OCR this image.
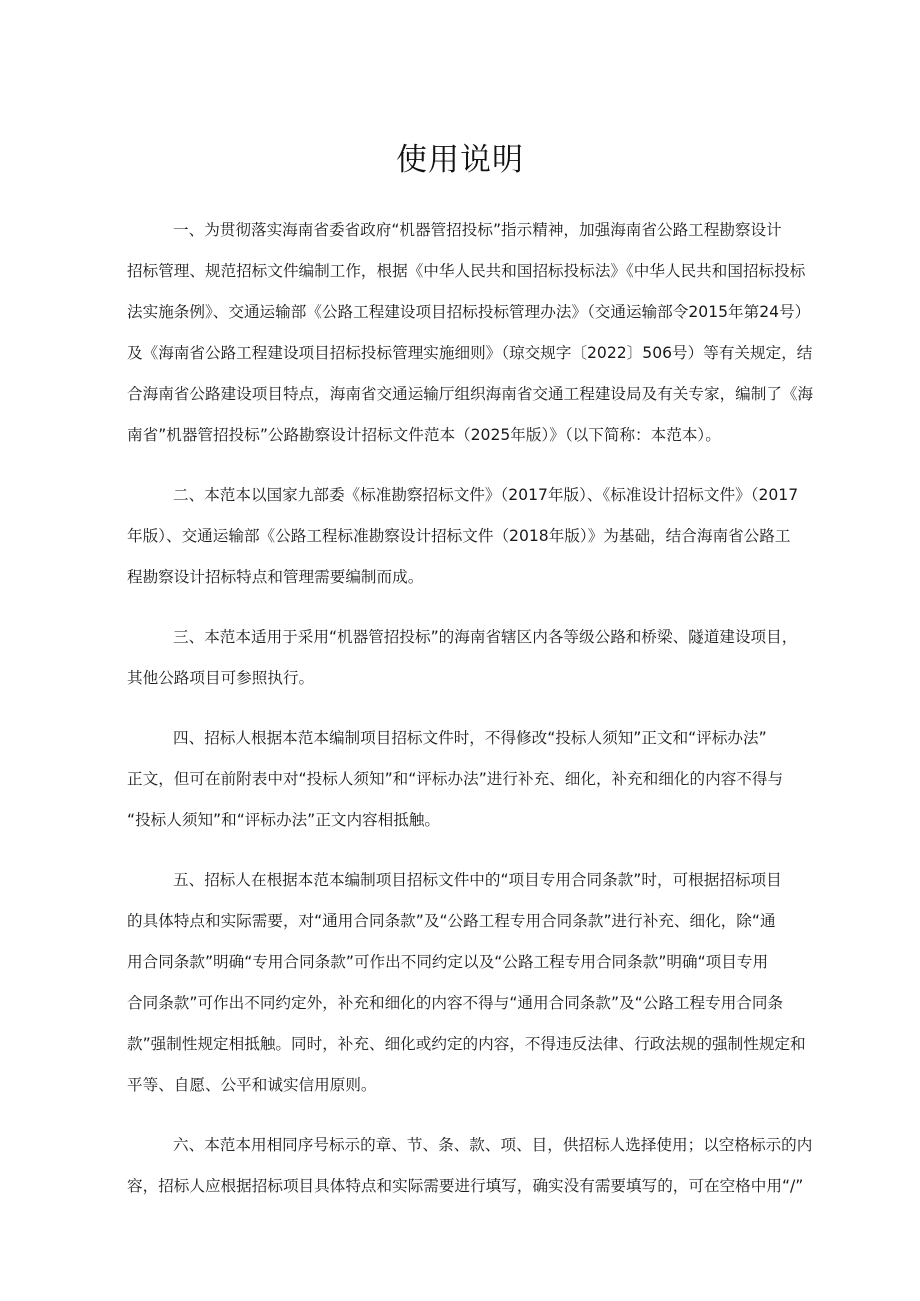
使用说明

一、为贯彻落实海南省委省政府“机器管招投标”指示精神，加强海南省公路工程勘察设计
招标管理、规范招标文件编制工作，根据《中华人民共和国招标投标法》《中华人民共和国招标投标
法实施条例》、交通运输部《公路工程建设项目招标投标管理办法》（交通运输部令2015年第24号）
及《海南省公路工程建设项目招标投标管理实施细则》（琼交规字〔2022〕506号）等有关规定，结
合海南省公路建设项目特点，海南省交通运输厅组织海南省交通工程建设局及有关专家，编制了《海
南省”机器管招投标”公路勘察设计招标文件范本（2025年版）》（以下简称：本范本）。

二、本范本以国家九部委《标准勘察招标文件》（2017年版）、《标准设计招标文件》（2017
年版）、交通运输部《公路工程标准勘察设计招标文件（2018年版）》为基础，结合海南省公路工
程勘察设计招标特点和管理需要编制而成。

三、本范本适用于采用“机器管招投标”的海南省辖区内各等级公路和桥梁、隧道建设项目，
其他公路项目可参照执行。

四、招标人根据本范本编制项目招标文件时，不得修改“投标人须知”正文和“评标办法”
正文，但可在前附表中对“投标人须知”和“评标办法”进行补充、细化，补充和细化的内容不得与
“投标人须知”和“评标办法”正文内容相抵触。

五、招标人在根据本范本编制项目招标文件中的“项目专用合同条款”时，可根据招标项目
的具体特点和实际需要，对“通用合同条款”及“公路工程专用合同条款”进行补充、细化，除“通
用合同条款”明确“专用合同条款”可作出不同约定以及“公路工程专用合同条款”明确“项目专用
合同条款”可作出不同约定外，补充和细化的内容不得与“通用合同条款”及“公路工程专用合同条
款”强制性规定相抵触。同时，补充、细化或约定的内容，不得违反法律、行政法规的强制性规定和
平等、自愿、公平和诚实信用原则。

六、本范本用相同序号标示的章、节、条、款、项、目，供招标人选择使用；以空格标示的内
容，招标人应根据招标项目具体特点和实际需要进行填写，确实没有需要填写的，可在空格中用“/”
